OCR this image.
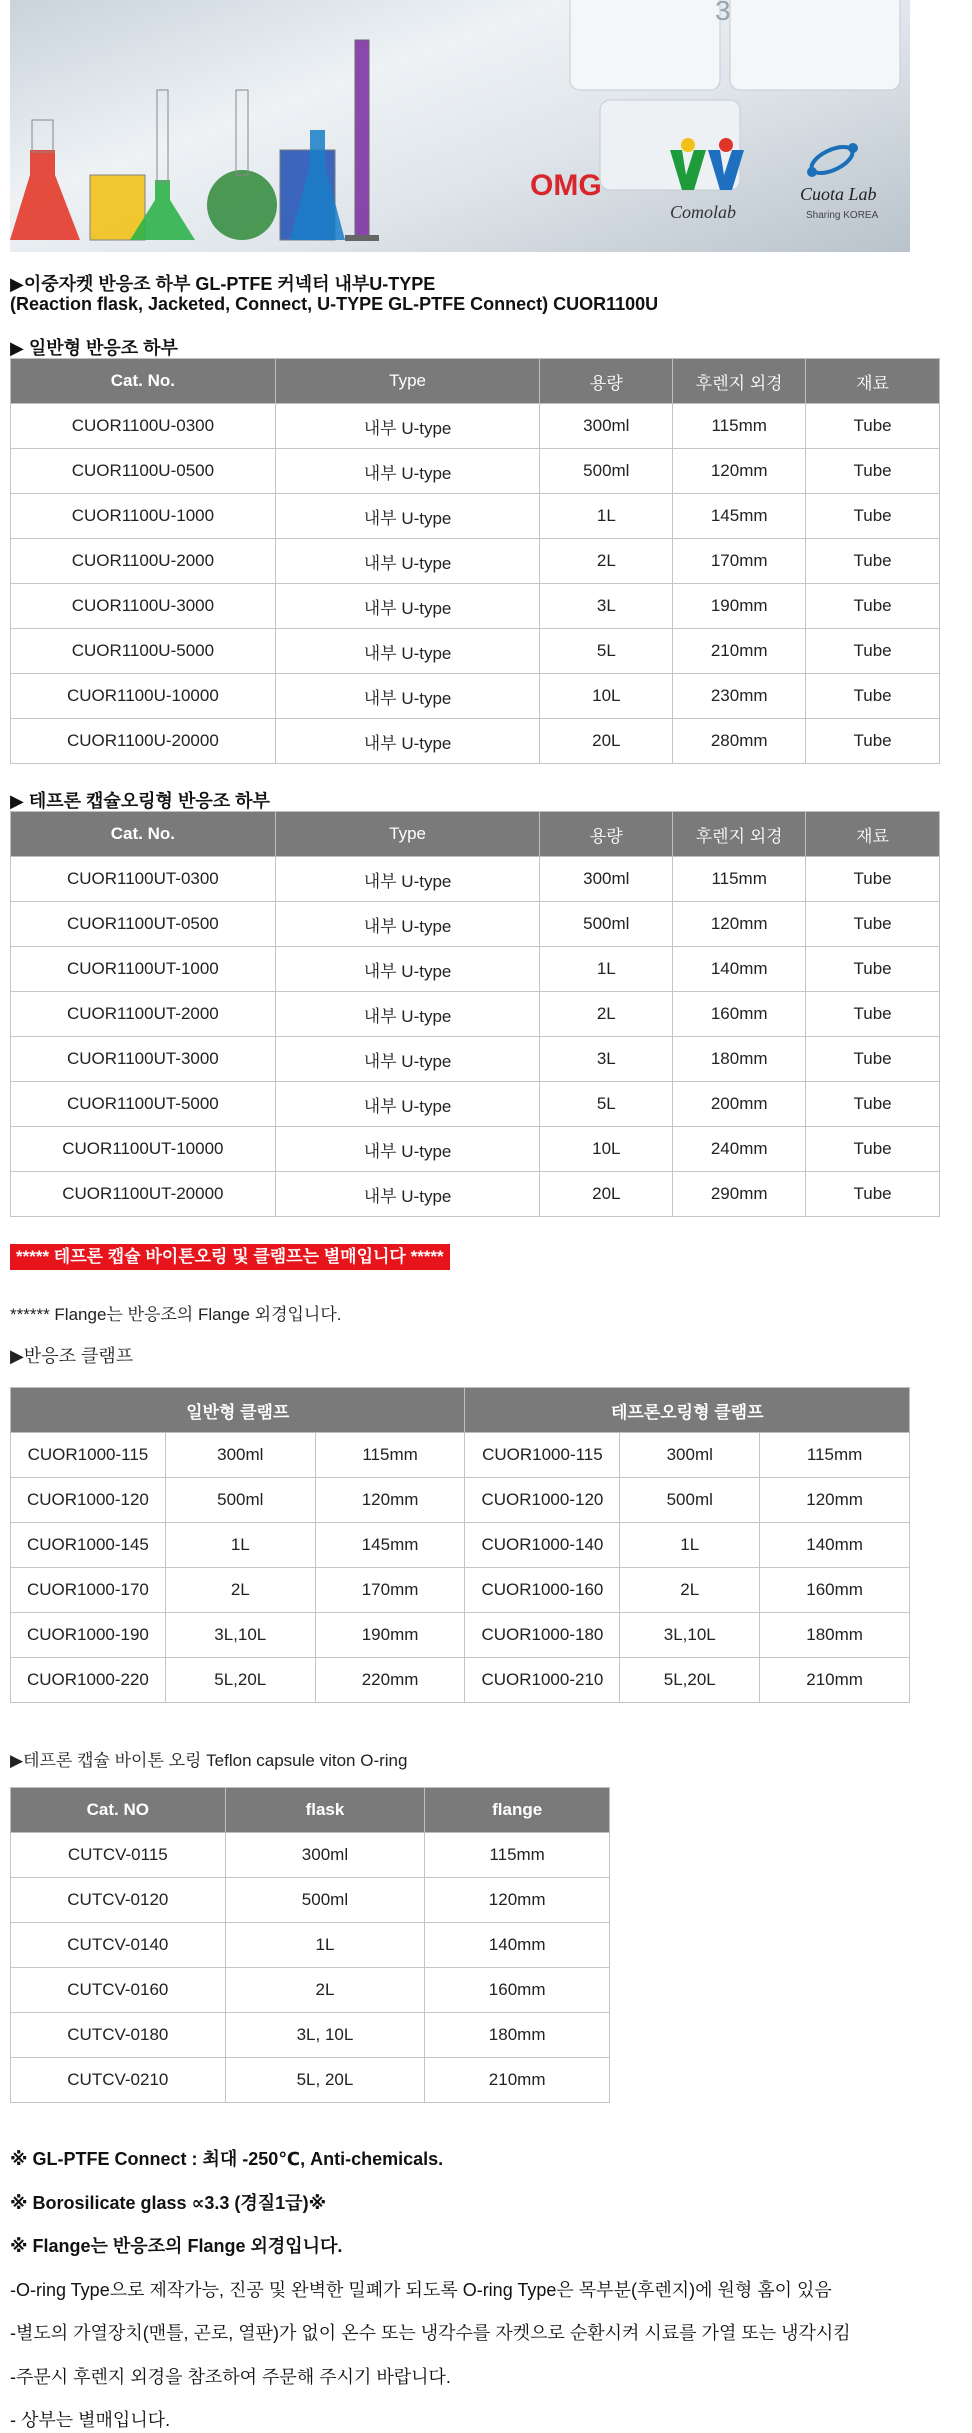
3
OMG
Comolab
Cuota Lab
Sharing KOREA
▶이중자켓 반응조 하부 GL-PTFE 커넥터 내부U-TYPE
(Reaction flask, Jacketed, Connect, U-TYPE GL-PTFE Connect) CUOR1100U
▶ 일반형 반응조 하부
Cat. No.	Type	용량	후렌지 외경	재료
CUOR1100U-0300	내부 U-type	300ml	115mm	Tube
CUOR1100U-0500	내부 U-type	500ml	120mm	Tube
CUOR1100U-1000	내부 U-type	1L	145mm	Tube
CUOR1100U-2000	내부 U-type	2L	170mm	Tube
CUOR1100U-3000	내부 U-type	3L	190mm	Tube
CUOR1100U-5000	내부 U-type	5L	210mm	Tube
CUOR1100U-10000	내부 U-type	10L	230mm	Tube
CUOR1100U-20000	내부 U-type	20L	280mm	Tube
▶ 테프론 캡슐오링형 반응조 하부
Cat. No.	Type	용량	후렌지 외경	재료
CUOR1100UT-0300	내부 U-type	300ml	115mm	Tube
CUOR1100UT-0500	내부 U-type	500ml	120mm	Tube
CUOR1100UT-1000	내부 U-type	1L	140mm	Tube
CUOR1100UT-2000	내부 U-type	2L	160mm	Tube
CUOR1100UT-3000	내부 U-type	3L	180mm	Tube
CUOR1100UT-5000	내부 U-type	5L	200mm	Tube
CUOR1100UT-10000	내부 U-type	10L	240mm	Tube
CUOR1100UT-20000	내부 U-type	20L	290mm	Tube
***** 테프론 캡슐 바이톤오링 및 클램프는 별매입니다 *****
****** Flange는 반응조의 Flange 외경입니다.
▶반응조 클램프
일반형 클램프			테프론오링형 클램프		
CUOR1000-115	300ml	115mm	CUOR1000-115	300ml	115mm
CUOR1000-120	500ml	120mm	CUOR1000-120	500ml	120mm
CUOR1000-145	1L	145mm	CUOR1000-140	1L	140mm
CUOR1000-170	2L	170mm	CUOR1000-160	2L	160mm
CUOR1000-190	3L,10L	190mm	CUOR1000-180	3L,10L	180mm
CUOR1000-220	5L,20L	220mm	CUOR1000-210	5L,20L	210mm
▶테프론 캡슐 바이톤 오링 Teflon capsule viton O-ring
Cat. NO	flask	flange
CUTCV-0115	300ml	115mm
CUTCV-0120	500ml	120mm
CUTCV-0140	1L	140mm
CUTCV-0160	2L	160mm
CUTCV-0180	3L, 10L	180mm
CUTCV-0210	5L, 20L	210mm
※ GL-PTFE Connect : 최대 -250℃, Anti-chemicals.
※ Borosilicate glass ∝3.3 (경질1급)※
※ Flange는 반응조의 Flange 외경입니다.
-O-ring Type으로 제작가능, 진공 및 완벽한 밀폐가 되도록 O-ring Type은 목부분(후렌지)에 원형 홈이 있음
-별도의 가열장치(맨틀, 곤로, 열판)가 없이 온수 또는 냉각수를 자켓으로 순환시켜 시료를 가열 또는 냉각시킴
-주문시 후렌지 외경을 참조하여 주문해 주시기 바랍니다.
- 상부는 별매입니다.
